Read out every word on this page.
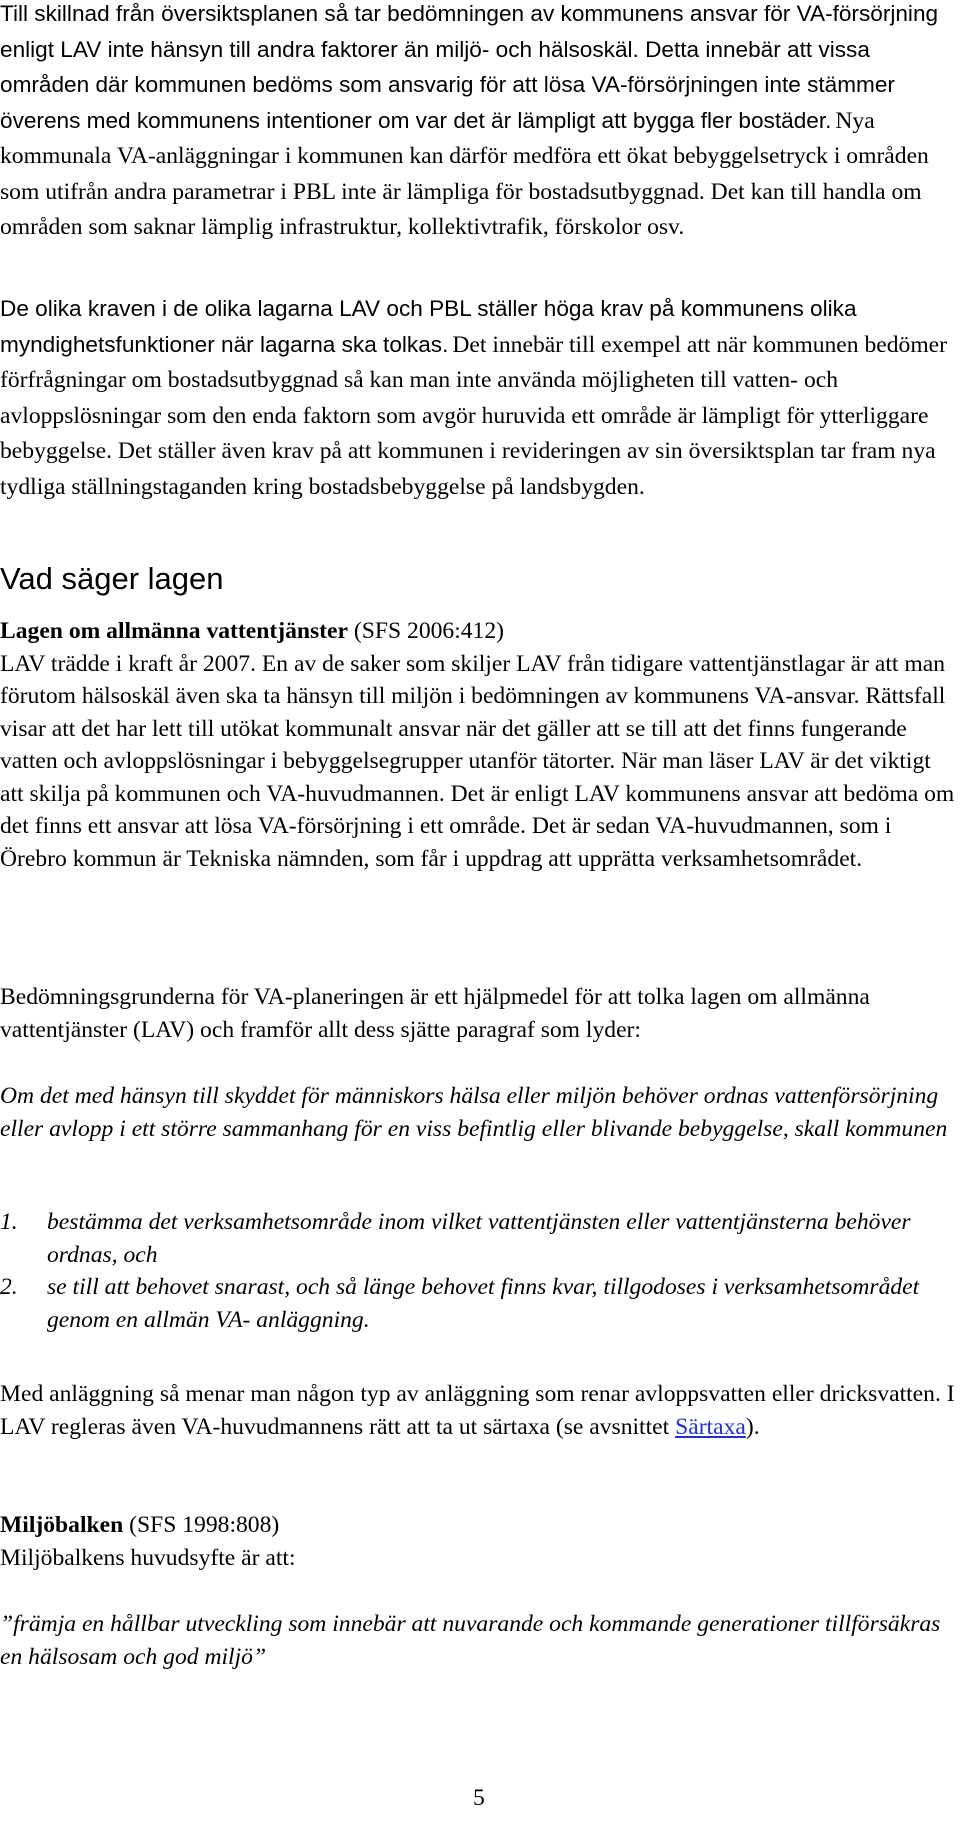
Till skillnad från översiktsplanen så tar bedömningen av kommunens ansvar för VA-försörjning enligt LAV inte hänsyn till andra faktorer än miljö- och hälsoskäl. Detta innebär att vissa områden där kommunen bedöms som ansvarig för att lösa VA-försörjningen inte stämmer överens med kommunens intentioner om var det är lämpligt att bygga fler bostäder. Nya kommunala VA-anläggningar i kommunen kan därför medföra ett ökat bebyggelsetryck i områden som utifrån andra parametrar i PBL inte är lämpliga för bostadsutbyggnad. Det kan till handla om områden som saknar lämplig infrastruktur, kollektivtrafik, förskolor osv.

De olika kraven i de olika lagarna LAV och PBL ställer höga krav på kommunens olika myndighetsfunktioner när lagarna ska tolkas. Det innebär till exempel att när kommunen bedömer förfrågningar om bostadsutbyggnad så kan man inte använda möjligheten till vatten- och avloppslösningar som den enda faktorn som avgör huruvida ett område är lämpligt för ytterliggare bebyggelse. Det ställer även krav på att kommunen i revideringen av sin översiktsplan tar fram nya tydliga ställningstaganden kring bostadsbebyggelse på landsbygden.

Vad säger lagen

Lagen om allmänna vattentjänster (SFS 2006:412)
LAV trädde i kraft år 2007. En av de saker som skiljer LAV från tidigare vattentjänstlagar är att man förutom hälsoskäl även ska ta hänsyn till miljön i bedömningen av kommunens VA-ansvar. Rättsfall visar att det har lett till utökat kommunalt ansvar när det gäller att se till att det finns fungerande vatten och avloppslösningar i bebyggelsegrupper utanför tätorter. När man läser LAV är det viktigt att skilja på kommunen och VA-huvudmannen. Det är enligt LAV kommunens ansvar att bedöma om det finns ett ansvar att lösa VA-försörjning i ett område. Det är sedan VA-huvudmannen, som i Örebro kommun är Tekniska nämnden, som får i uppdrag att upprätta verksamhetsområdet.

Bedömningsgrunderna för VA-planeringen är ett hjälpmedel för att tolka lagen om allmänna vattentjänster (LAV) och framför allt dess sjätte paragraf som lyder:

Om det med hänsyn till skyddet för människors hälsa eller miljön behöver ordnas vattenförsörjning eller avlopp i ett större sammanhang för en viss befintlig eller blivande bebyggelse, skall kommunen

1. bestämma det verksamhetsområde inom vilket vattentjänsten eller vattentjänsterna behöver ordnas, och
2. se till att behovet snarast, och så länge behovet finns kvar, tillgodoses i verksamhetsområdet genom en allmän VA- anläggning.

Med anläggning så menar man någon typ av anläggning som renar avloppsvatten eller dricksvatten. I LAV regleras även VA-huvudmannens rätt att ta ut särtaxa (se avsnittet Särtaxa).

Miljöbalken (SFS 1998:808)
Miljöbalkens huvudsyfte är att:

”främja en hållbar utveckling som innebär att nuvarande och kommande generationer tillförsäkras en hälsosam och god miljö”

5
